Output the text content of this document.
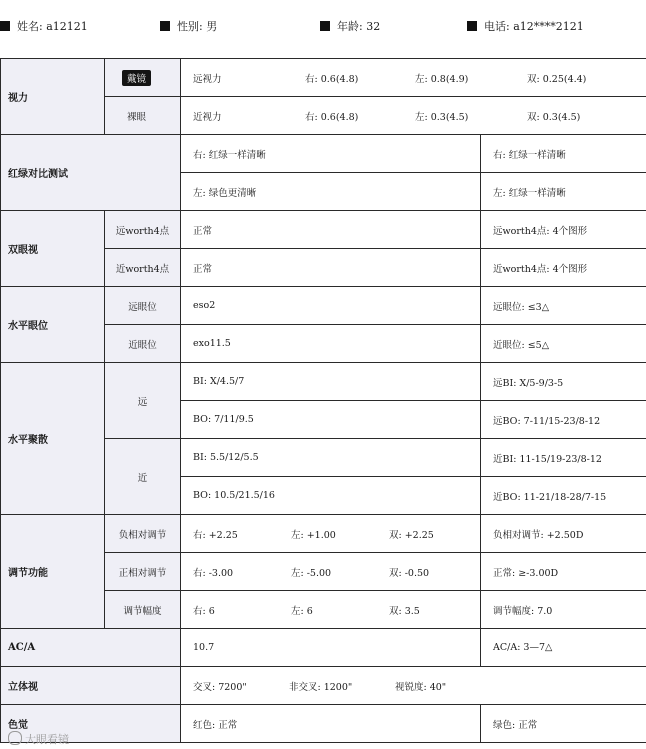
姓名: a12121	性别: 男	年龄: 32	电话: a12****2121
视力	戴镜	远视力 右: 0.6(4.8) 左: 0.8(4.9) 双: 0.25(4.4)	
	裸眼	近视力 右: 0.6(4.8) 左: 0.3(4.5) 双: 0.3(4.5)	
红绿对比测试		右: 红绿一样清晰	右: 红绿一样清晰
		左: 绿色更清晰	左: 红绿一样清晰
双眼视	远worth4点	正常	远worth4点: 4个图形
	近worth4点	正常	近worth4点: 4个图形
水平眼位	远眼位	eso2	远眼位: ≤3△
	近眼位	exo11.5	近眼位: ≤5△
水平聚散	远	BI: X/4.5/7	远BI: X/5-9/3-5
		BO: 7/11/9.5	远BO: 7-11/15-23/8-12
	近	BI: 5.5/12/5.5	近BI: 11-15/19-23/8-12
		BO: 10.5/21.5/16	近BO: 11-21/18-28/7-15
调节功能	负相对调节	右: +2.25 左: +1.00 双: +2.25	负相对调节: +2.50D
	正相对调节	右: -3.00 左: -5.00 双: -0.50	正常: ≥-3.00D
	调节幅度	右: 6 左: 6 双: 3.5	调节幅度: 7.0
AC/A		10.7	AC/A: 3—7△
立体视		交叉: 7200" 非交叉: 1200" 视锐度: 40"	
色觉		红色: 正常	绿色: 正常
大眼看镜
